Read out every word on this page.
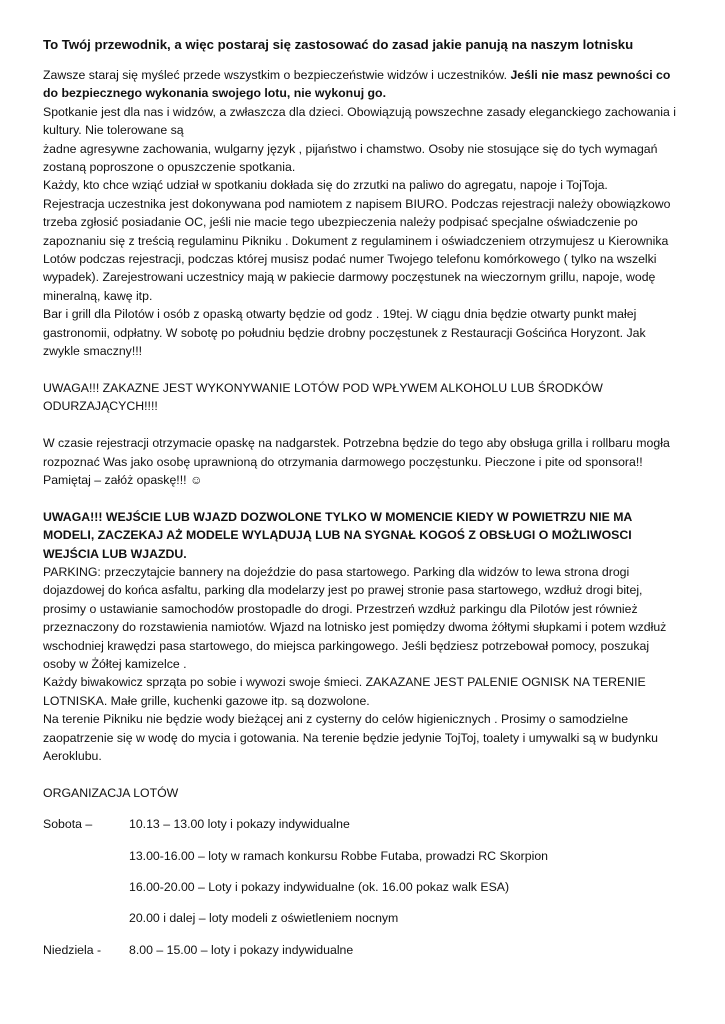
To Twój przewodnik, a więc postaraj się zastosować do zasad jakie panują na naszym lotnisku

Zawsze staraj się myśleć przede wszystkim o bezpieczeństwie widzów i uczestników. Jeśli nie masz pewności co do bezpiecznego wykonania swojego lotu, nie wykonuj go.

Spotkanie jest dla nas i widzów, a zwłaszcza dla dzieci. Obowiązują powszechne zasady eleganckiego zachowania i kultury. Nie tolerowane są

żadne agresywne zachowania, wulgarny język , pijaństwo i chamstwo. Osoby nie stosujące się do tych wymagań zostaną poproszone o opuszczenie spotkania.

Każdy, kto chce wziąć udział w spotkaniu dokłada się do zrzutki na paliwo do agregatu, napoje i TojToja.

Rejestracja uczestnika jest dokonywana pod namiotem z napisem BIURO. Podczas rejestracji należy obowiązkowo trzeba zgłosić posiadanie OC, jeśli nie macie tego ubezpieczenia należy podpisać specjalne oświadczenie po zapoznaniu się z treścią regulaminu Pikniku . Dokument z regulaminem i oświadczeniem otrzymujesz u Kierownika Lotów podczas rejestracji, podczas której musisz podać numer Twojego telefonu komórkowego ( tylko na wszelki wypadek). Zarejestrowani uczestnicy mają w pakiecie darmowy poczęstunek na wieczornym grillu, napoje, wodę mineralną, kawę itp.

Bar i grill dla Pilotów i osób z opaską otwarty będzie od godz . 19tej. W ciągu dnia będzie otwarty punkt małej gastronomii, odpłatny. W sobotę po południu będzie drobny poczęstunek z Restauracji Gościńca Horyzont. Jak zwykle smaczny!!!

UWAGA!!! ZAKAZNE JEST WYKONYWANIE LOTÓW POD WPŁYWEM ALKOHOLU LUB ŚRODKÓW ODURZAJĄCYCH!!!!

W czasie rejestracji otrzymacie opaskę na nadgarstek. Potrzebna będzie do tego aby obsługa grilla i rollbaru mogła rozpoznać Was jako osobę uprawnioną do otrzymania darmowego poczęstunku. Pieczone i pite od sponsora!! Pamiętaj – załóż opaskę!!! ☺

UWAGA!!! WEJŚCIE LUB WJAZD DOZWOLONE TYLKO W MOMENCIE KIEDY W POWIETRZU NIE MA MODELI, ZACZEKAJ AŻ MODELE WYLĄDUJĄ LUB NA SYGNAŁ KOGOŚ Z OBSŁUGI O MOŻLIWOSCI WEJŚCIA LUB WJAZDU.

PARKING: przeczytajcie bannery na dojeździe do pasa startowego. Parking dla widzów to lewa strona drogi dojazdowej do końca asfaltu, parking dla modelarzy jest po prawej stronie pasa startowego, wzdłuż drogi bitej, prosimy o ustawianie samochodów prostopadle do drogi. Przestrzeń wzdłuż parkingu dla Pilotów jest również przeznaczony do rozstawienia namiotów. Wjazd na lotnisko jest pomiędzy dwoma żółtymi słupkami i potem wzdłuż wschodniej krawędzi pasa startowego, do miejsca parkingowego. Jeśli będziesz potrzebował pomocy, poszukaj osoby w Żółtej kamizelce .

Każdy biwakowicz sprząta po sobie i wywozi swoje śmieci. ZAKAZANE JEST PALENIE OGNISK NA TERENIE LOTNISKA. Małe grille, kuchenki gazowe itp. są dozwolone.

Na terenie Pikniku nie będzie wody bieżącej ani z cysterny do celów higienicznych . Prosimy o samodzielne zaopatrzenie się w wodę do mycia i gotowania. Na terenie będzie jedynie TojToj, toalety i umywalki są w budynku Aeroklubu.

ORGANIZACJA LOTÓW

Sobota –	10.13 – 13.00 loty i pokazy indywidualne
13.00-16.00 – loty w ramach konkursu Robbe Futaba, prowadzi RC Skorpion
16.00-20.00 – Loty i pokazy indywidualne (ok. 16.00 pokaz walk ESA)
20.00 i dalej – loty modeli z oświetleniem nocnym
Niedziela - 8.00 – 15.00 – loty i pokazy indywidualne
